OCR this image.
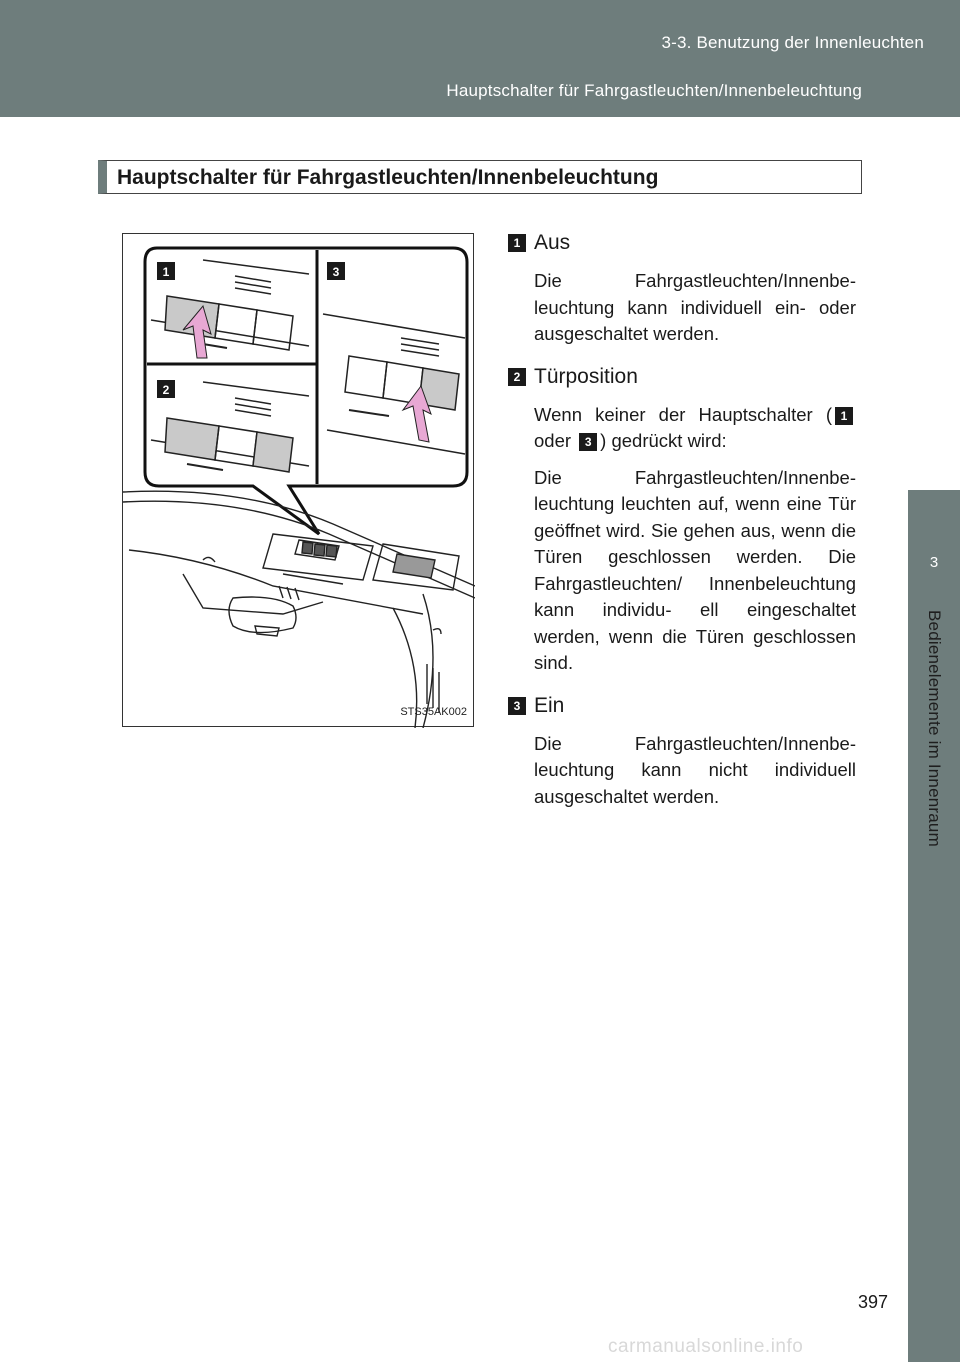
3-3. Benutzung der Innenleuchten
Hauptschalter für Fahrgastleuchten/Innenbeleuchtung
3
Bedienelemente im Innenraum
Hauptschalter für Fahrgastleuchten/Innenbeleuchtung
1
2
3
STS35AK002
1 Aus

Die Fahrgastleuchten/Innenbe- leuchtung kann individuell ein- oder ausgeschaltet werden.

2 Türposition

Wenn keiner der Hauptschalter ( 1 oder 3 ) gedrückt wird:

Die Fahrgastleuchten/Innenbe- leuchtung leuchten auf, wenn eine Tür geöffnet wird. Sie gehen aus, wenn die Türen geschlossen werden. Die Fahrgastleuchten/ Innenbeleuchtung kann individu- ell eingeschaltet werden, wenn die Türen geschlossen sind.

3 Ein

Die Fahrgastleuchten/Innenbe- leuchtung kann nicht individuell ausgeschaltet werden.

397
carmanualsonline.info
